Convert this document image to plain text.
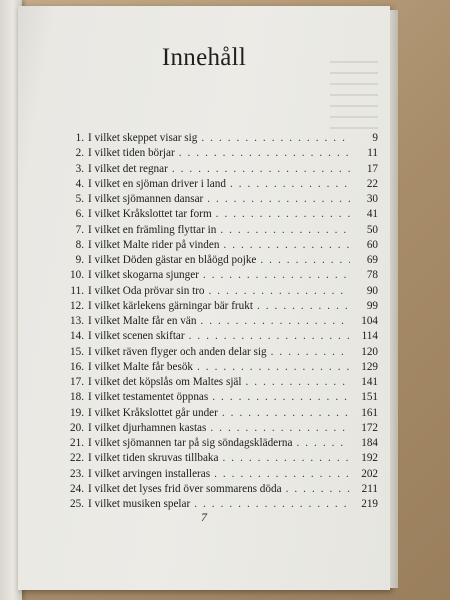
Innehåll
1. I vilket skeppet visar sig . . .	9
2. I vilket tiden börjar . . .	11
3. I vilket det regnar . . .	17
4. I vilket en sjöman driver i land . . .	22
5. I vilket sjömannen dansar . . .	30
6. I vilket Kråkslottet tar form . . .	41
7. I vilket en främling flyttar in . . .	50
8. I vilket Malte rider på vinden . . .	60
9. I vilket Döden gästar en blåögd pojke . . .	69
10. I vilket skogarna sjunger . . .	78
11. I vilket Oda prövar sin tro . . .	90
12. I vilket kärlekens gärningar bär frukt . . .	99
13. I vilket Malte får en vän . . .	104
14. I vilket scenen skiftar . . .	114
15. I vilket räven flyger och anden delar sig . . .	120
16. I vilket Malte får besök . . .	129
17. I vilket det köpslås om Maltes själ . . .	141
18. I vilket testamentet öppnas . . .	151
19. I vilket Kråkslottet går under . . .	161
20. I vilket djurhamnen kastas . . .	172
21. I vilket sjömannen tar på sig söndagskläderna . . .	184
22. I vilket tiden skruvas tillbaka . . .	192
23. I vilket arvingen installeras . . .	202
24. I vilket det lyses frid över sommarens döda . . .	211
25. I vilket musiken spelar . . .	219
7
